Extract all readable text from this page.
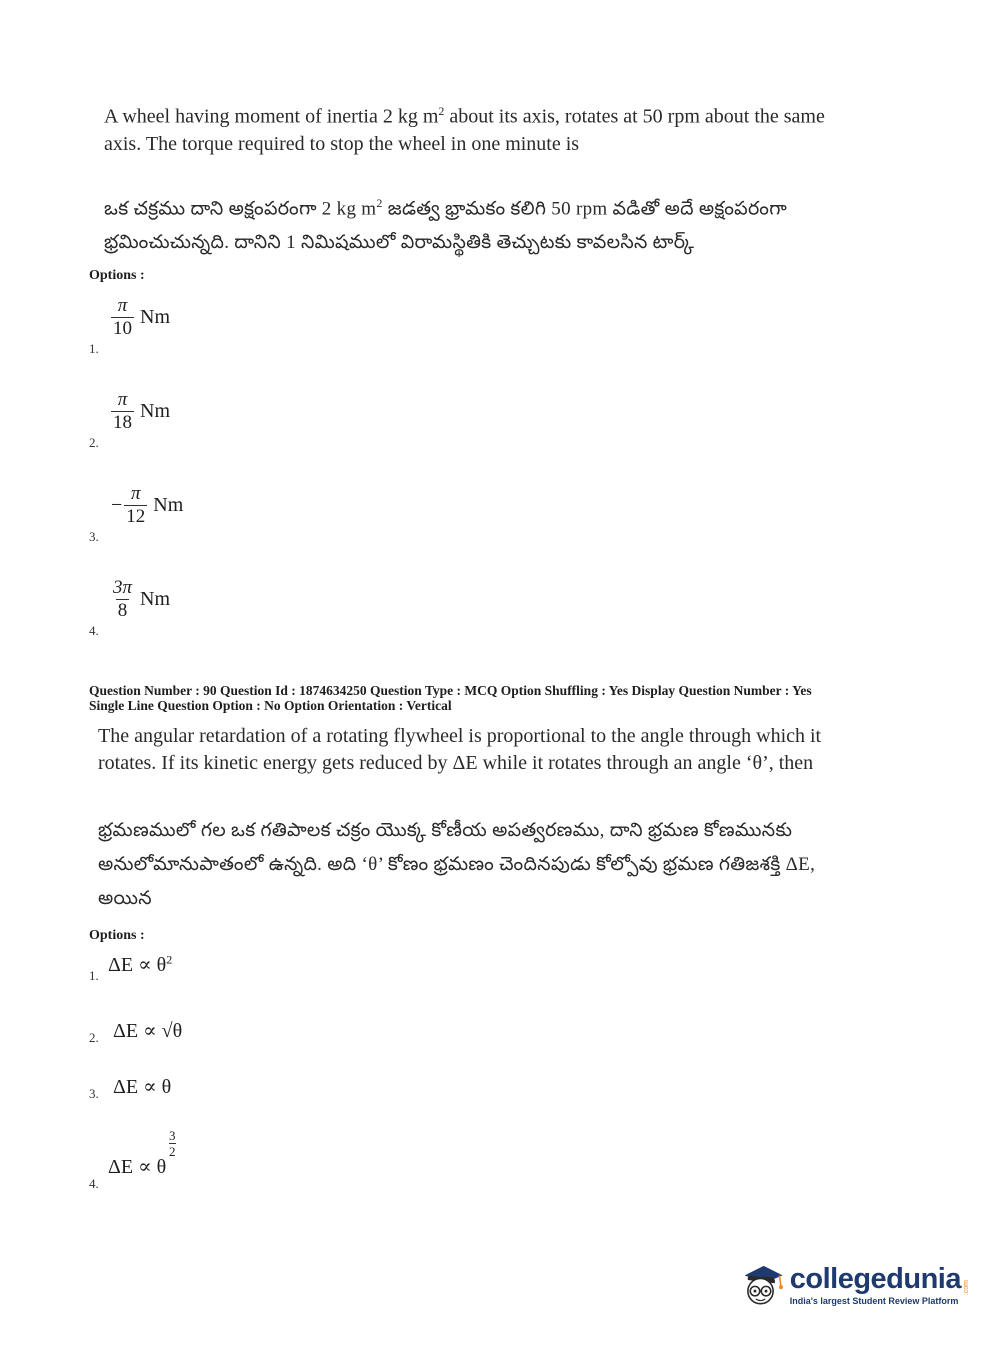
A wheel having moment of inertia 2 kg $m^2$ about its axis, rotates at 50 rpm about the same
axis. The torque required to stop the wheel in one minute is
ఒక చక్రము దాని అక్షంపరంగా 2 kg $m^2$ జడత్వ భ్రామకం కలిగి 50 rpm వడితో అదే అక్షంపరంగా
భ్రమించుచున్నది. దానిని 1 నిమిషములో విరామస్థితికి తెచ్చుటకు కావలసిన టార్క్
Options :
1.
$\frac{\pi}{10}$ Nm
2.
$\frac{\pi}{18}$ Nm
3.
− $\frac{\pi}{12}$ Nm
4.
$\frac{3\pi}{8}$ Nm
Question Number : 90 Question Id : 1874634250 Question Type : MCQ Option Shuffling : Yes Display Question Number : Yes
Single Line Question Option : No Option Orientation : Vertical
The angular retardation of a rotating flywheel is proportional to the angle through which it
rotates. If its kinetic energy gets reduced by ΔE while it rotates through an angle ‘θ’, then
భ్రమణములో గల ఒక గతిపాలక చక్రం యొక్క కోణీయ అపత్వరణము, దాని భ్రమణ కోణమునకు
అనులోమానుపాతంలో ఉన్నది. అది ‘θ’ కోణం భ్రమణం చెందినపుడు కోల్పోవు భ్రమణ గతిజశక్తి ΔE,
అయిన
Options :
1. $\Delta E \propto \theta^2$
2. ΔE ∝ √θ
3. ΔE ∝ θ
4.
ΔE ∝ θ
$\frac{3}{2}$
collegedunia .com
India's largest Student Review Platform
